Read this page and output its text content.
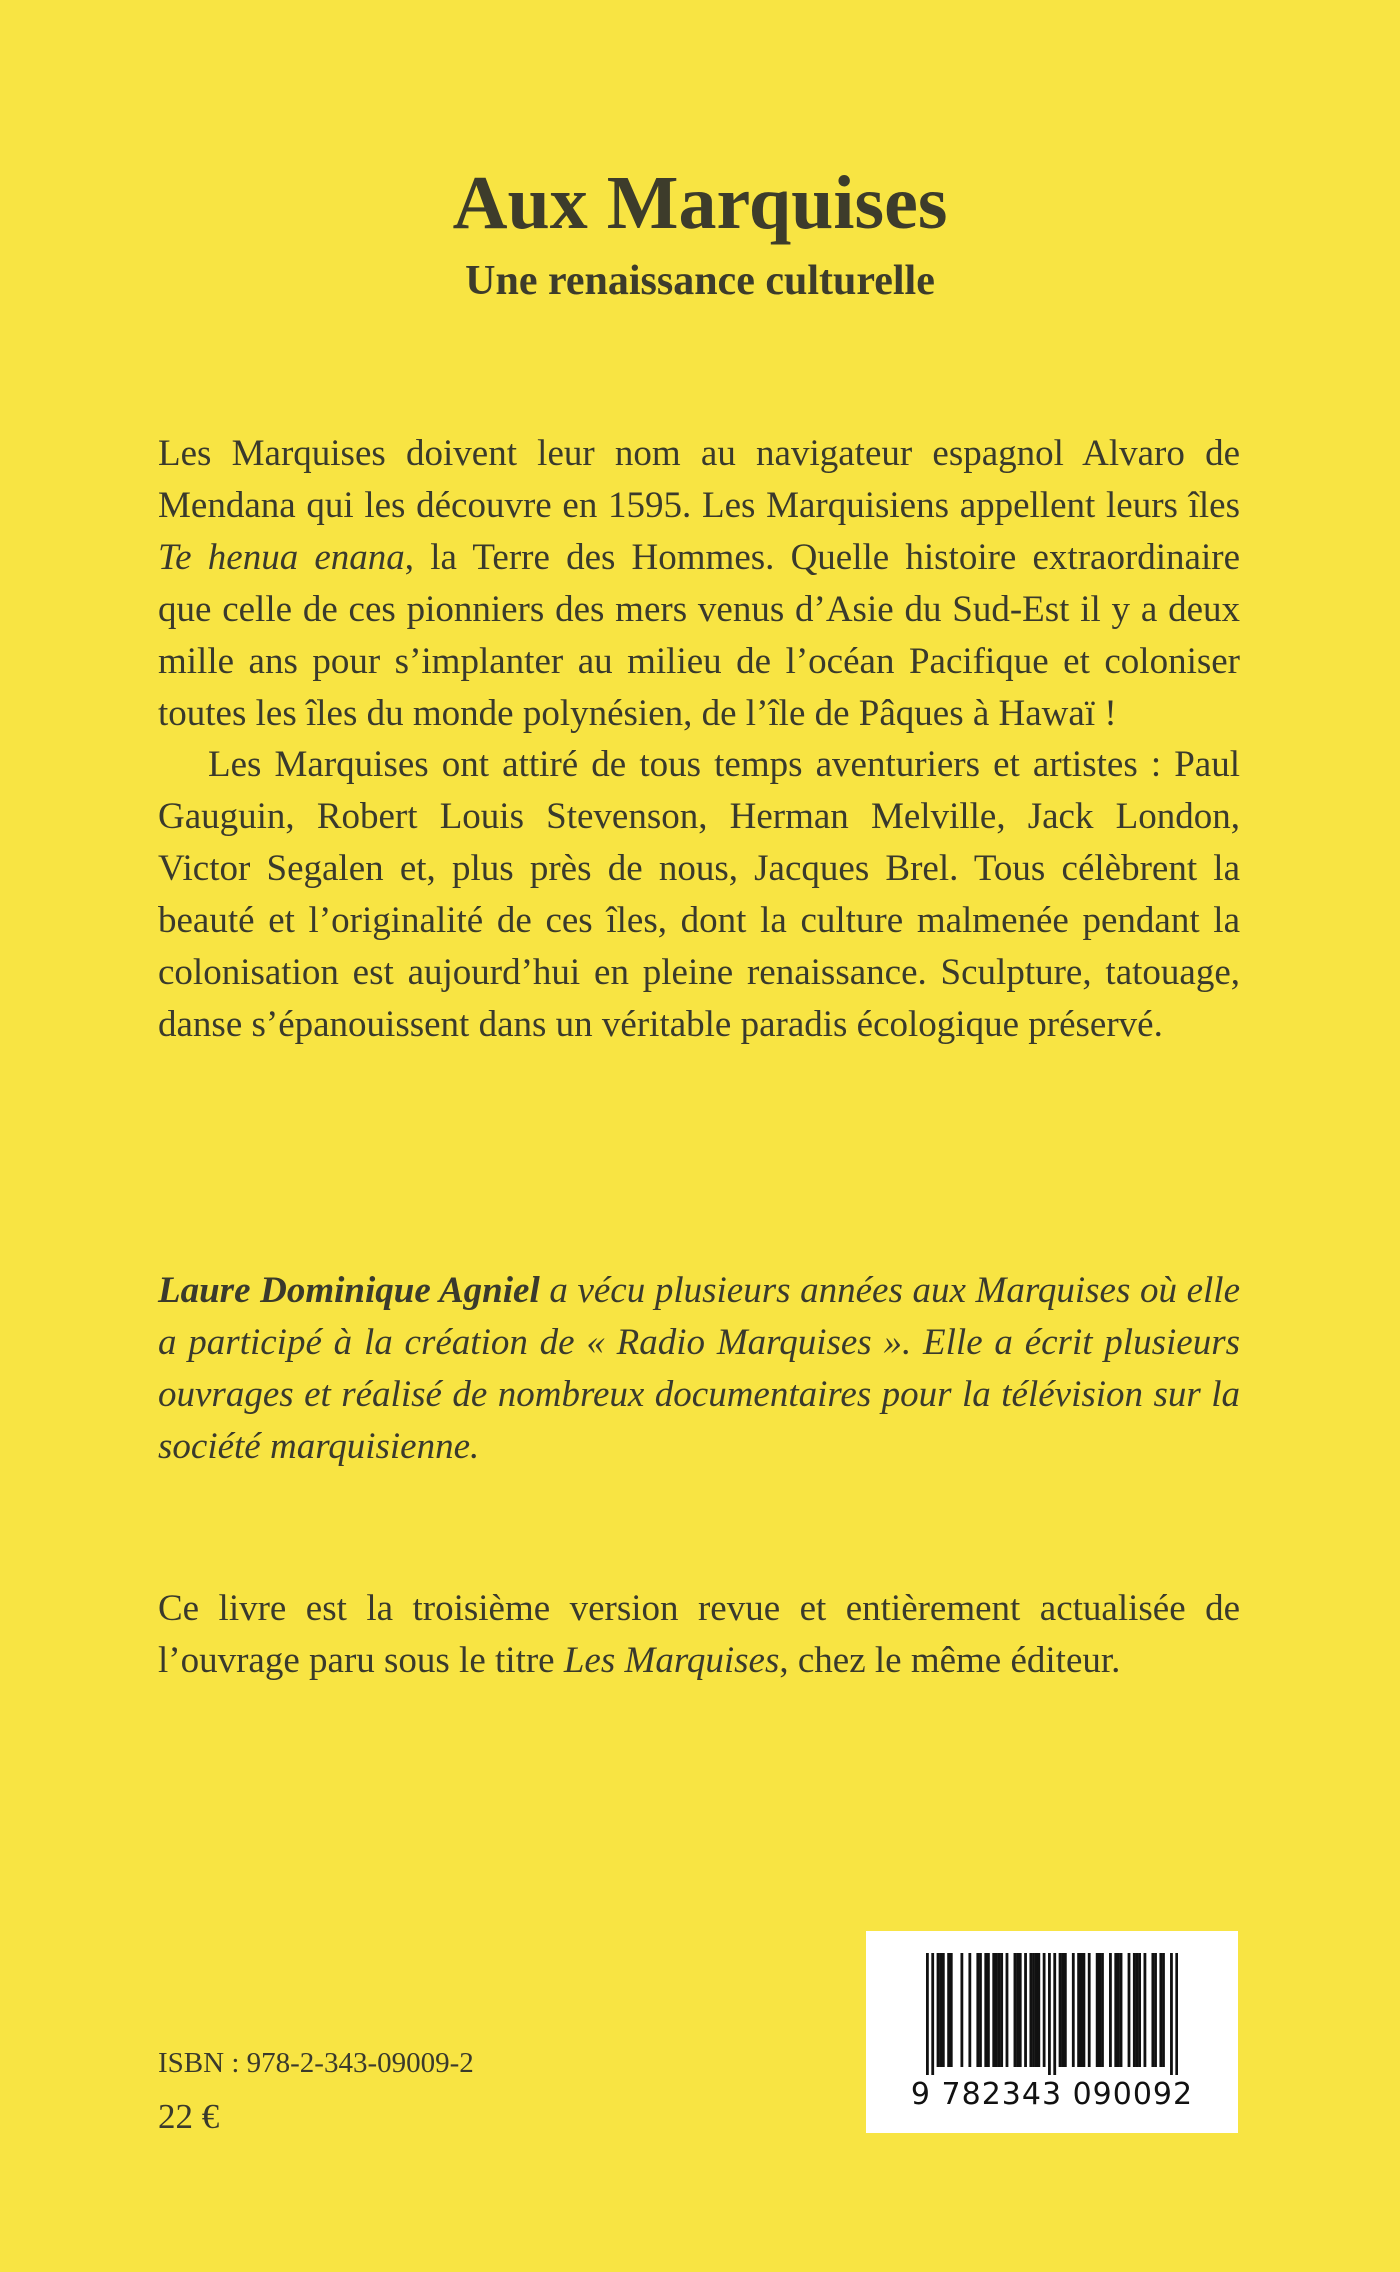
Aux Marquises
Une renaissance culturelle

Les Marquises doivent leur nom au navigateur espagnol Alvaro de Mendana qui les découvre en 1595. Les Marquisiens appellent leurs îles Te henua enana, la Terre des Hommes. Quelle histoire extraordinaire que celle de ces pionniers des mers venus d’Asie du Sud-Est il y a deux mille ans pour s’implanter au milieu de l’océan Pacifique et coloniser toutes les îles du monde polynésien, de l’île de Pâques à Hawaï !

Les Marquises ont attiré de tous temps aventuriers et artistes : Paul Gauguin, Robert Louis Stevenson, Herman Melville, Jack London, Victor Segalen et, plus près de nous, Jacques Brel. Tous célèbrent la beauté et l’originalité de ces îles, dont la culture malmenée pendant la colonisation est aujourd’hui en pleine renaissance. Sculpture, tatouage, danse s’épanouissent dans un véritable paradis écologique préservé.

Laure Dominique Agniel a vécu plusieurs années aux Marquises où elle a participé à la création de « Radio Marquises ». Elle a écrit plusieurs ouvrages et réalisé de nombreux documentaires pour la télévision sur la société marquisienne.

Ce livre est la troisième version revue et entièrement actualisée de l’ouvrage paru sous le titre Les Marquises, chez le même éditeur.

ISBN : 978-2-343-09009-2
22 €
9 782343 090092
